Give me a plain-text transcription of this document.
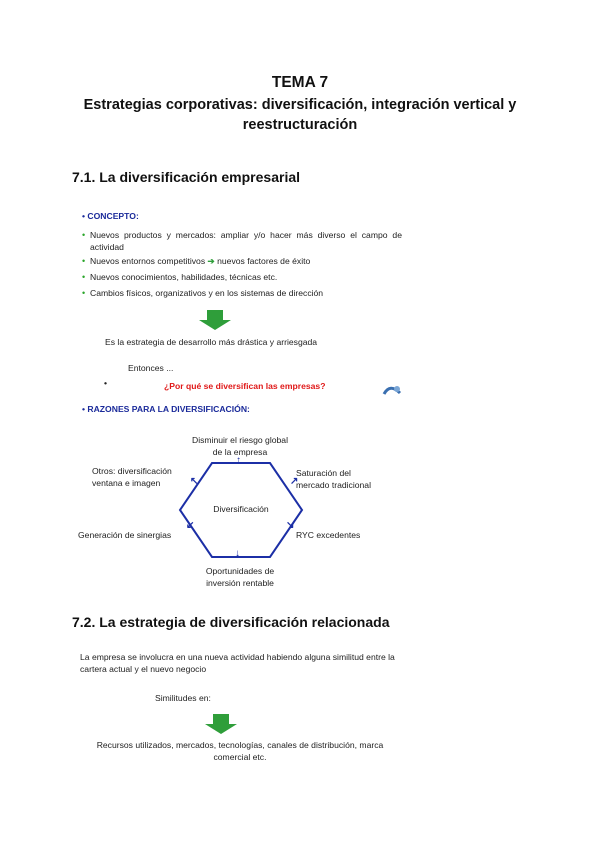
TEMA 7
Estrategias corporativas: diversificación, integración vertical y
reestructuración
7.1. La diversificación empresarial
• CONCEPTO:
• Nuevos productos y mercados: ampliar y/o hacer más diverso el campo de actividad
• Nuevos entornos competitivos ➔ nuevos factores de éxito
• Nuevos conocimientos, habilidades, técnicas etc.
• Cambios físicos, organizativos y en los sistemas de dirección
Es la estrategia de desarrollo más drástica y arriesgada
Entonces ...
•	¿Por qué se diversifican las empresas?
• RAZONES PARA LA DIVERSIFICACIÓN:
Diversificación
↑
↗
↘
↓
↙
↖
Disminuir el riesgo global
de la empresa
Saturación del
mercado tradicional
RYC excedentes
Oportunidades de
inversión rentable
Generación de sinergias
Otros: diversificación
ventana e imagen
7.2. La estrategia de diversificación relacionada
La empresa se involucra en una nueva actividad habiendo alguna similitud entre la
cartera actual y el nuevo negocio
Similitudes en:
Recursos utilizados, mercados, tecnologías, canales de distribución, marca
comercial etc.
